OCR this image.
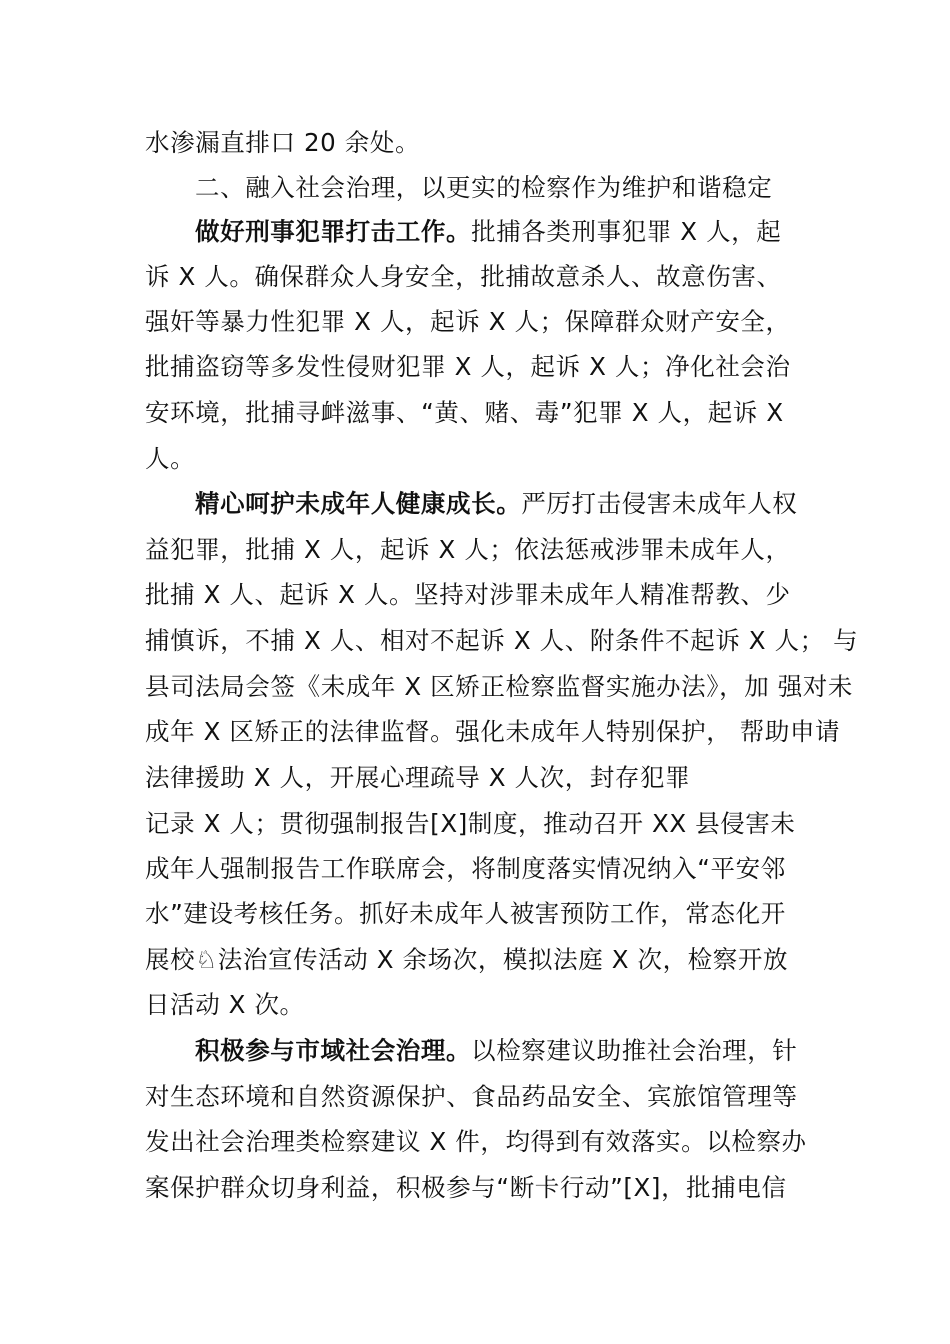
水渗漏直排口 20 余处。
二、融入社会治理，以更实的检察作为维护和谐稳定
做好刑事犯罪打击工作。批捕各类刑事犯罪 X 人，起
诉 X 人。确保群众人身安全，批捕故意杀人、故意伤害、
强奸等暴力性犯罪 X 人，起诉 X 人；保障群众财产安全，
批捕盗窃等多发性侵财犯罪 X 人，起诉 X 人；净化社会治
安环境，批捕寻衅滋事、“黄、赌、毒”犯罪 X 人，起诉 X
人。
精心呵护未成年人健康成长。严厉打击侵害未成年人权
益犯罪，批捕 X 人，起诉 X 人；依法惩戒涉罪未成年人，
批捕 X 人、起诉 X 人。坚持对涉罪未成年人精准帮教、少
捕慎诉，不捕 X 人、相对不起诉 X 人、附条件不起诉 X 人； 与
县司法局会签《未成年 X 区矫正检察监督实施办法》，加 强对未
成年 X 区矫正的法律监督。强化未成年人特别保护， 帮助申请
法律援助 X 人，开展心理疏导 X 人次，封存犯罪
记录 X 人；贯彻强制报告[X]制度，推动召开 XX 县侵害未
成年人强制报告工作联席会，将制度落实情况纳入“平安邻
水”建设考核任务。抓好未成年人被害预防工作，常态化开
展校♘法治宣传活动 X 余场次，模拟法庭 X 次，检察开放
日活动 X 次。
积极参与市域社会治理。以检察建议助推社会治理，针
对生态环境和自然资源保护、食品药品安全、宾旅馆管理等
发出社会治理类检察建议 X 件，均得到有效落实。以检察办
案保护群众切身利益，积极参与“断卡行动”[X]，批捕电信
